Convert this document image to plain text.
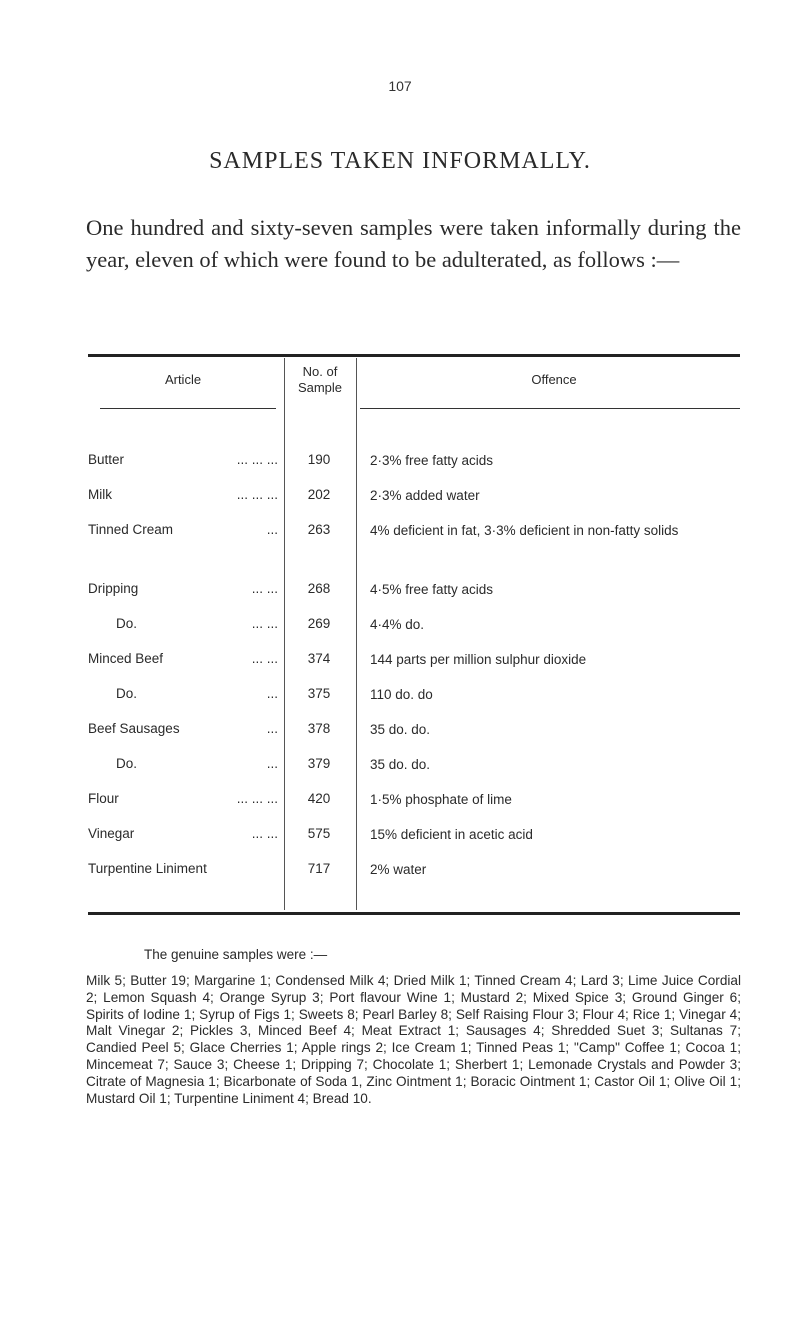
107
SAMPLES TAKEN INFORMALLY.
One hundred and sixty-seven samples were taken informally during the year, eleven of which were found to be adulterated, as follows :—
Article
No. of Sample
Offence
Butter	... ... ...	190	2·3% free fatty acids
Milk	... ... ...	202	2·3% added water
Tinned Cream	...	263	4% deficient in fat, 3·3% deficient in non-fatty solids
Dripping	... ...	268	4·5% free fatty acids
Do.	... ...	269	4·4% do.
Minced Beef	... ...	374	144 parts per million sulphur dioxide
Do.	...	375	110 do. do
Beef Sausages	...	378	35 do. do.
Do.	...	379	35 do. do.
Flour	... ... ...	420	1·5% phosphate of lime
Vinegar	... ...	575	15% deficient in acetic acid
Turpentine Liniment	717	2% water
The genuine samples were :—
Milk 5; Butter 19; Margarine 1; Condensed Milk 4; Dried Milk 1; Tinned Cream 4; Lard 3; Lime Juice Cordial 2; Lemon Squash 4; Orange Syrup 3; Port flavour Wine 1; Mustard 2; Mixed Spice 3; Ground Ginger 6; Spirits of Iodine 1; Syrup of Figs 1; Sweets 8; Pearl Barley 8; Self Raising Flour 3; Flour 4; Rice 1; Vinegar 4; Malt Vinegar 2; Pickles 3, Minced Beef 4; Meat Extract 1; Sausages 4; Shredded Suet 3; Sultanas 7; Candied Peel 5; Glace Cherries 1; Apple rings 2; Ice Cream 1; Tinned Peas 1; "Camp" Coffee 1; Cocoa 1; Mincemeat 7; Sauce 3; Cheese 1; Dripping 7; Chocolate 1; Sherbert 1; Lemonade Crystals and Powder 3; Citrate of Magnesia 1; Bicarbonate of Soda 1, Zinc Ointment 1; Boracic Ointment 1; Castor Oil 1; Olive Oil 1; Mustard Oil 1; Turpentine Liniment 4; Bread 10.
